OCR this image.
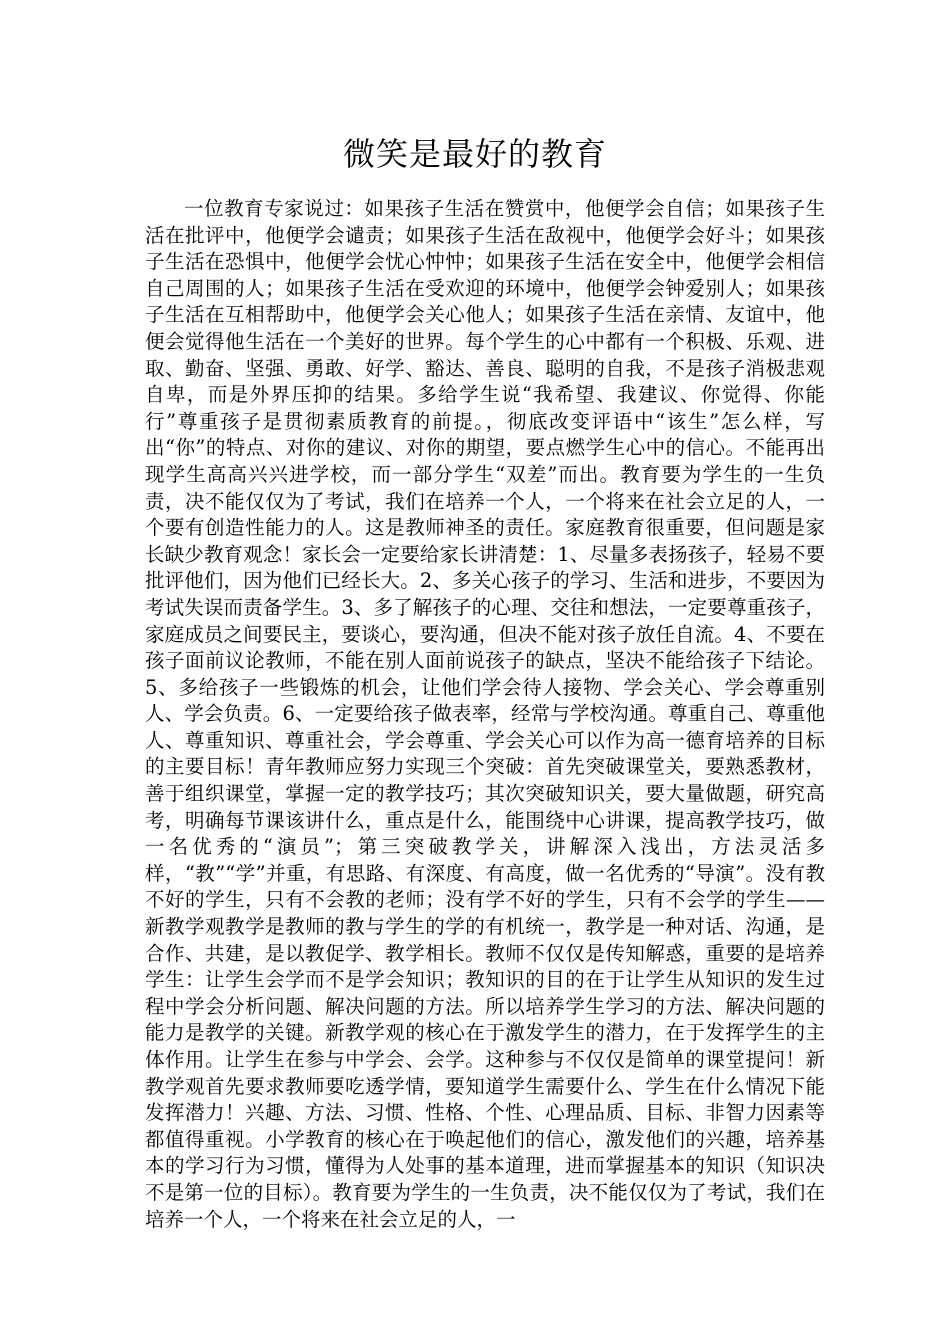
微笑是最好的教育

一位教育专家说过：如果孩子生活在赞赏中，他便学会自信；如果孩子生活在批评中，他便学会谴责；如果孩子生活在敌视中，他便学会好斗；如果孩子生活在恐惧中，他便学会忧心忡忡；如果孩子生活在安全中，他便学会相信自己周围的人；如果孩子生活在受欢迎的环境中，他便学会钟爱别人；如果孩子生活在互相帮助中，他便学会关心他人；如果孩子生活在亲情、友谊中，他便会觉得他生活在一个美好的世界。每个学生的心中都有一个积极、乐观、进取、勤奋、坚强、勇敢、好学、豁达、善良、聪明的自我，不是孩子消极悲观自卑，而是外界压抑的结果。多给学生说“我希望、我建议、你觉得、你能行”尊重孩子是贯彻素质教育的前提。，彻底改变评语中“该生”怎么样，写出“你”的特点、对你的建议、对你的期望，要点燃学生心中的信心。不能再出现学生高高兴兴进学校，而一部分学生“双差”而出。教育要为学生的一生负责，决不能仅仅为了考试，我们在培养一个人，一个将来在社会立足的人，一个要有创造性能力的人。这是教师神圣的责任。家庭教育很重要，但问题是家长缺少教育观念！家长会一定要给家长讲清楚：1、尽量多表扬孩子，轻易不要批评他们，因为他们已经长大。2、多关心孩子的学习、生活和进步，不要因为考试失误而责备学生。3、多了解孩子的心理、交往和想法，一定要尊重孩子，家庭成员之间要民主，要谈心，要沟通，但决不能对孩子放任自流。4、不要在孩子面前议论教师，不能在别人面前说孩子的缺点，坚决不能给孩子下结论。5、多给孩子一些锻炼的机会，让他们学会待人接物、学会关心、学会尊重别人、学会负责。6、一定要给孩子做表率，经常与学校沟通。尊重自己、尊重他人、尊重知识、尊重社会，学会尊重、学会关心可以作为高一德育培养的目标的主要目标！青年教师应努力实现三个突破：首先突破课堂关，要熟悉教材，善于组织课堂，掌握一定的教学技巧；其次突破知识关，要大量做题，研究高考，明确每节课该讲什么，重点是什么，能围绕中心讲课，提高教学技巧，做一名优秀的“演员”；第三突破教学关，讲解深入浅出，方法灵活多样，“教”“学”并重，有思路、有深度、有高度，做一名优秀的“导演”。没有教不好的学生，只有不会教的老师；没有学不好的学生，只有不会学的学生——新教学观教学是教师的教与学生的学的有机统一，教学是一种对话、沟通，是合作、共建，是以教促学、教学相长。教师不仅仅是传知解惑，重要的是培养学生：让学生会学而不是学会知识；教知识的目的在于让学生从知识的发生过程中学会分析问题、解决问题的方法。所以培养学生学习的方法、解决问题的能力是教学的关键。新教学观的核心在于激发学生的潜力，在于发挥学生的主体作用。让学生在参与中学会、会学。这种参与不仅仅是简单的课堂提问！新教学观首先要求教师要吃透学情，要知道学生需要什么、学生在什么情况下能发挥潜力！兴趣、方法、习惯、性格、个性、心理品质、目标、非智力因素等都值得重视。小学教育的核心在于唤起他们的信心，激发他们的兴趣，培养基本的学习行为习惯，懂得为人处事的基本道理，进而掌握基本的知识（知识决不是第一位的目标）。教育要为学生的一生负责，决不能仅仅为了考试，我们在培养一个人，一个将来在社会立足的人，一
